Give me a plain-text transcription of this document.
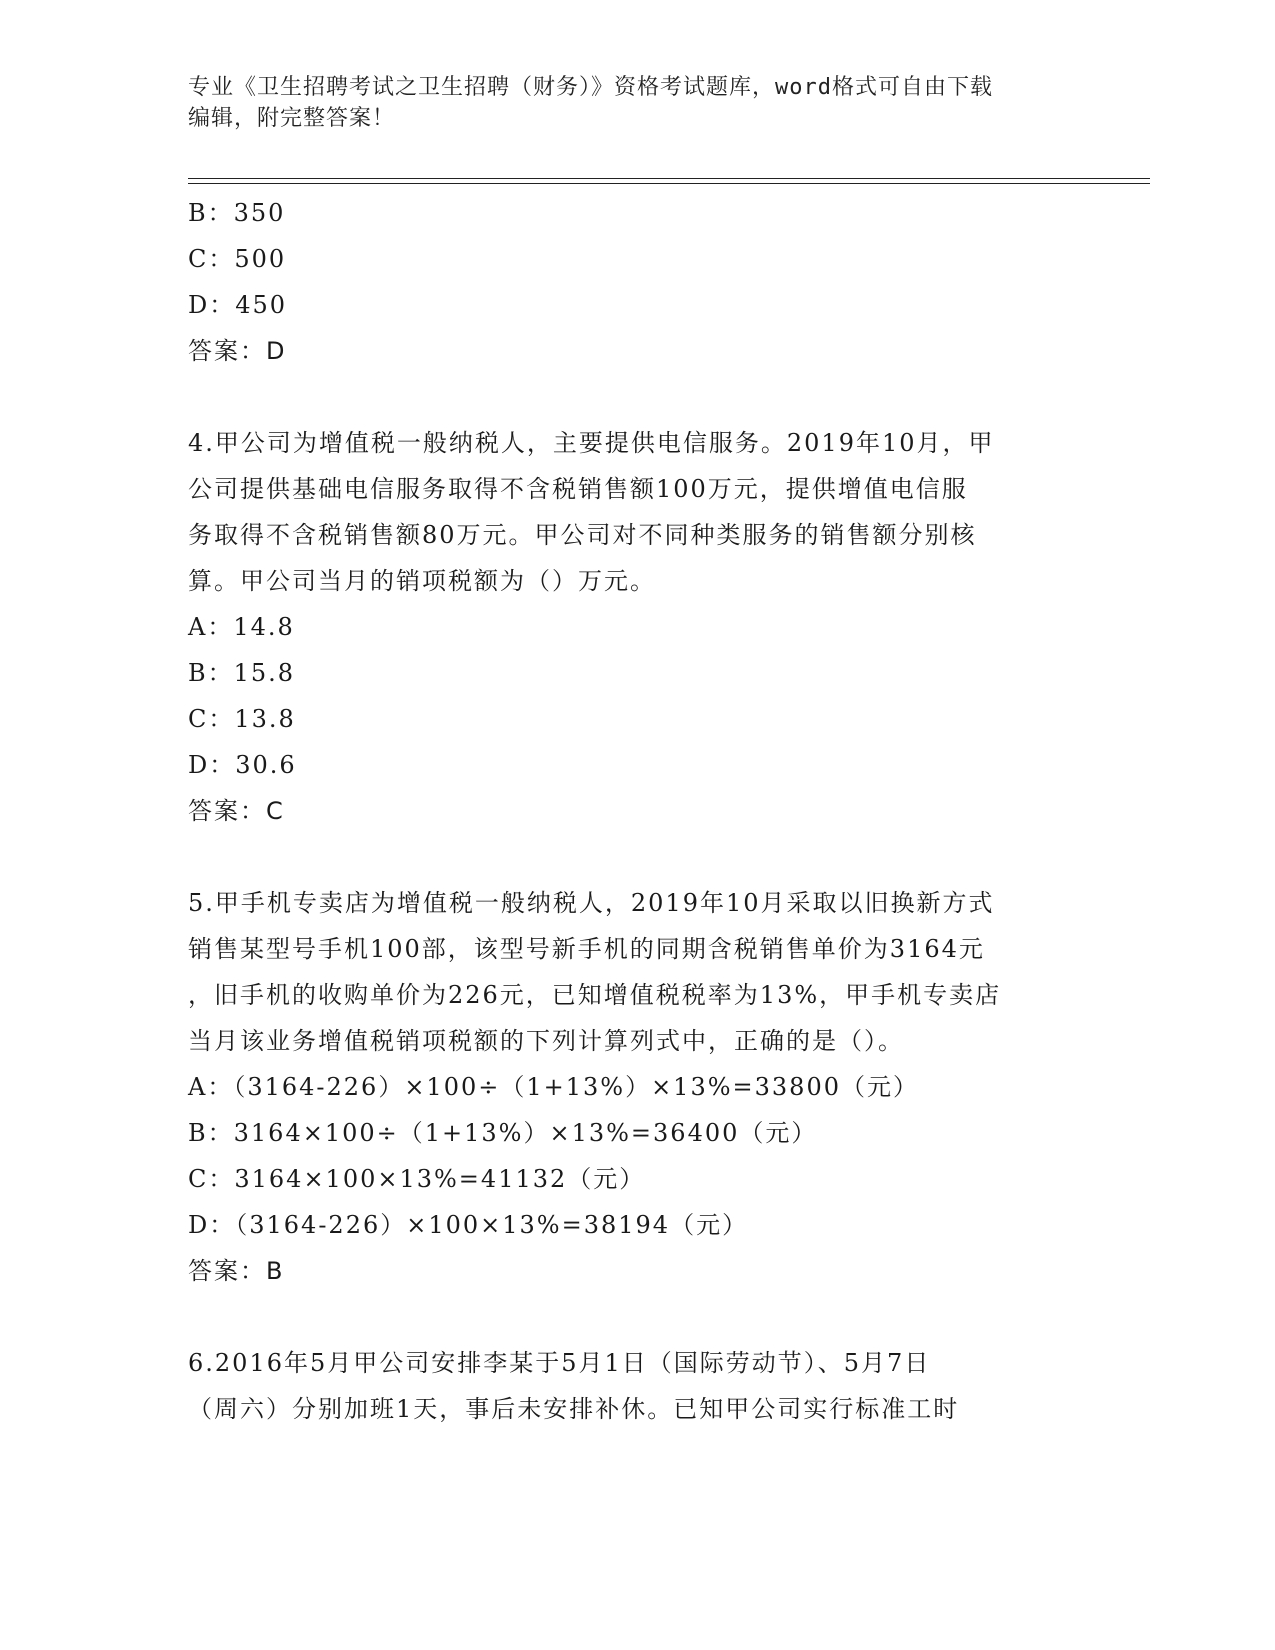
专业《卫生招聘考试之卫生招聘（财务）》资格考试题库，word格式可自由下载
编辑，附完整答案！
B：350
C：500
D：450
答案：D
4.甲公司为增值税一般纳税人，主要提供电信服务。2019年10月，甲
公司提供基础电信服务取得不含税销售额100万元，提供增值电信服
务取得不含税销售额80万元。甲公司对不同种类服务的销售额分别核
算。甲公司当月的销项税额为（）万元。
A：14.8
B：15.8
C：13.8
D：30.6
答案：C
5.甲手机专卖店为增值税一般纳税人，2019年10月采取以旧换新方式
销售某型号手机100部，该型号新手机的同期含税销售单价为3164元
，旧手机的收购单价为226元，已知增值税税率为13%，甲手机专卖店
当月该业务增值税销项税额的下列计算列式中，正确的是（）。
A：（3164-226）×100÷（1+13%）×13%=33800（元）
B：3164×100÷（1+13%）×13%=36400（元）
C：3164×100×13%=41132（元）
D：（3164-226）×100×13%=38194（元）
答案：B
6.2016年5月甲公司安排李某于5月1日（国际劳动节）、5月7日
（周六）分别加班1天，事后未安排补休。已知甲公司实行标准工时
